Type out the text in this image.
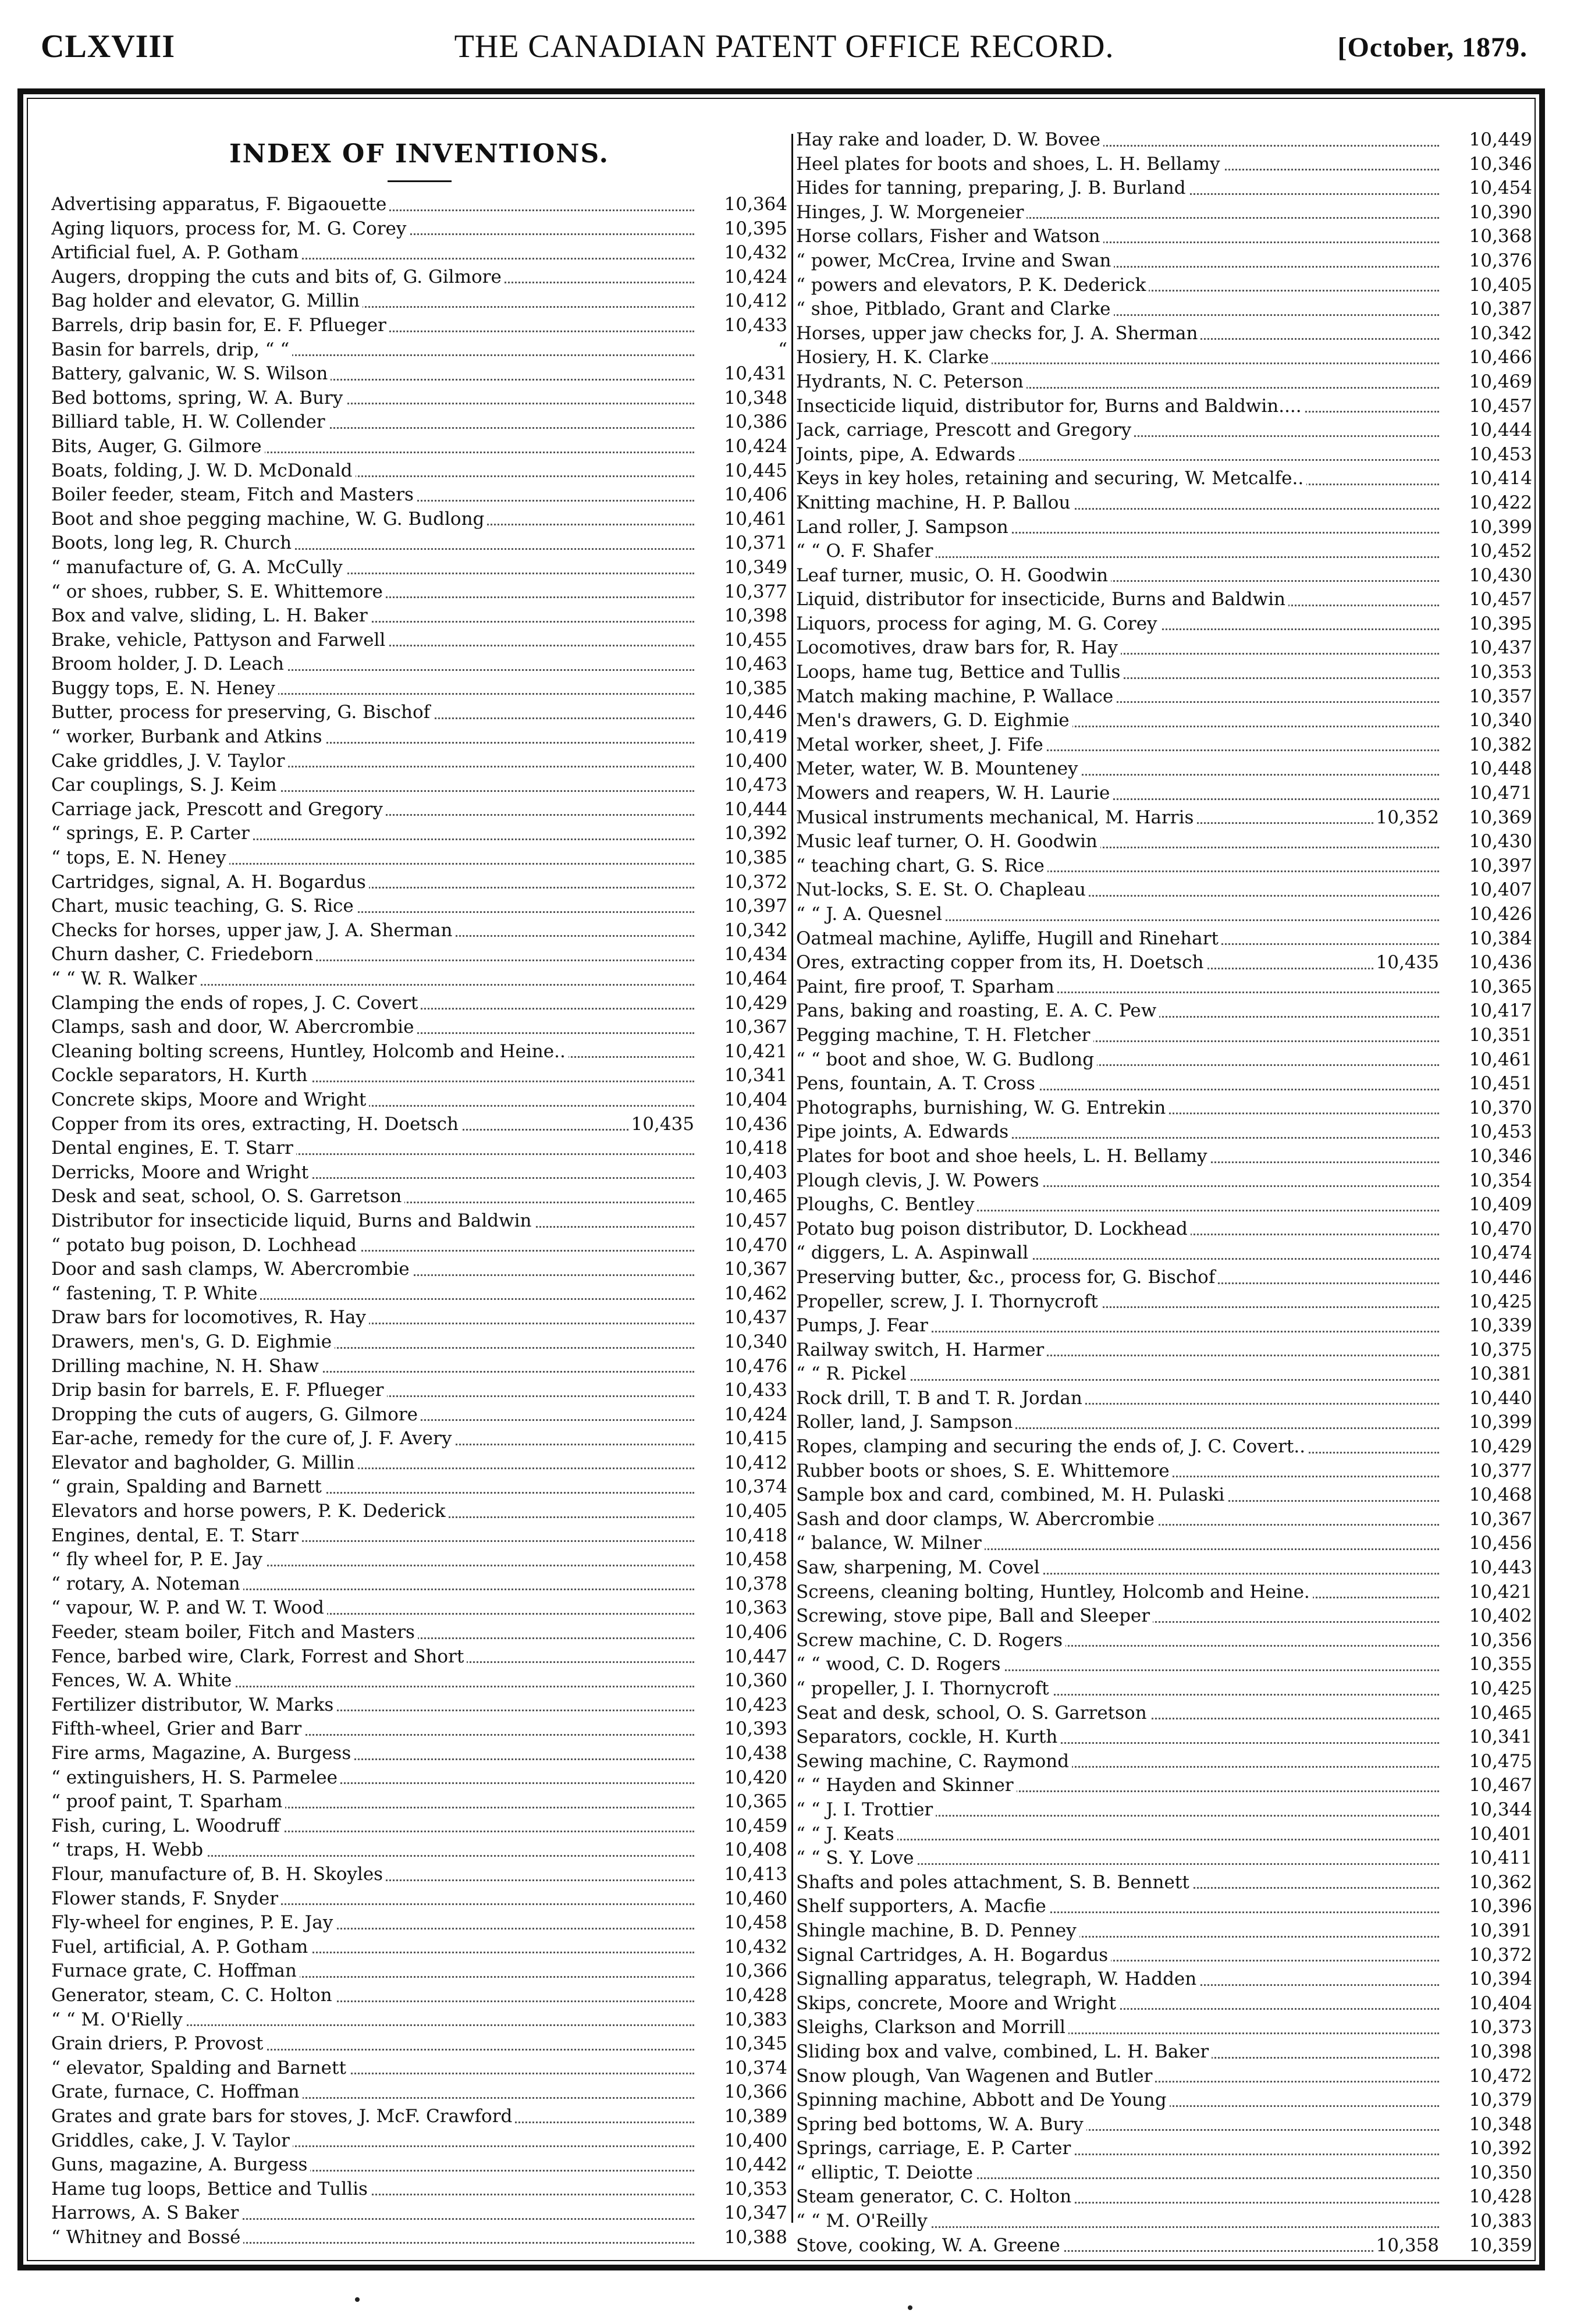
CLXVIII	THE CANADIAN PATENT OFFICE RECORD.	[October, 1879.
INDEX OF INVENTIONS.
Advertising apparatus, F. Bigaouette	10,364
Aging liquors, process for, M. G. Corey	10,395
Artificial fuel, A. P. Gotham	10,432
Augers, dropping the cuts and bits of, G. Gilmore	10,424
Bag holder and elevator, G. Millin	10,412
Barrels, drip basin for, E. F. Pflueger	10,433
Basin for barrels, drip, “ “	“
Battery, galvanic, W. S. Wilson	10,431
Bed bottoms, spring, W. A. Bury	10,348
Billiard table, H. W. Collender	10,386
Bits, Auger, G. Gilmore	10,424
Boats, folding, J. W. D. McDonald	10,445
Boiler feeder, steam, Fitch and Masters	10,406
Boot and shoe pegging machine, W. G. Budlong	10,461
Boots, long leg, R. Church	10,371
“ manufacture of, G. A. McCully	10,349
“ or shoes, rubber, S. E. Whittemore	10,377
Box and valve, sliding, L. H. Baker	10,398
Brake, vehicle, Pattyson and Farwell	10,455
Broom holder, J. D. Leach	10,463
Buggy tops, E. N. Heney	10,385
Butter, process for preserving, G. Bischof	10,446
“ worker, Burbank and Atkins	10,419
Cake griddles, J. V. Taylor	10,400
Car couplings, S. J. Keim	10,473
Carriage jack, Prescott and Gregory	10,444
“ springs, E. P. Carter	10,392
“ tops, E. N. Heney	10,385
Cartridges, signal, A. H. Bogardus	10,372
Chart, music teaching, G. S. Rice	10,397
Checks for horses, upper jaw, J. A. Sherman	10,342
Churn dasher, C. Friedeborn	10,434
“ “ W. R. Walker	10,464
Clamping the ends of ropes, J. C. Covert	10,429
Clamps, sash and door, W. Abercrombie	10,367
Cleaning bolting screens, Huntley, Holcomb and Heine..	10,421
Cockle separators, H. Kurth	10,341
Concrete skips, Moore and Wright	10,404
Copper from its ores, extracting, H. Doetsch	10,435	10,436
Dental engines, E. T. Starr	10,418
Derricks, Moore and Wright	10,403
Desk and seat, school, O. S. Garretson	10,465
Distributor for insecticide liquid, Burns and Baldwin	10,457
“ potato bug poison, D. Lochhead	10,470
Door and sash clamps, W. Abercrombie	10,367
“ fastening, T. P. White	10,462
Draw bars for locomotives, R. Hay	10,437
Drawers, men's, G. D. Eighmie	10,340
Drilling machine, N. H. Shaw	10,476
Drip basin for barrels, E. F. Pflueger	10,433
Dropping the cuts of augers, G. Gilmore	10,424
Ear-ache, remedy for the cure of, J. F. Avery	10,415
Elevator and bagholder, G. Millin	10,412
“ grain, Spalding and Barnett	10,374
Elevators and horse powers, P. K. Dederick	10,405
Engines, dental, E. T. Starr	10,418
“ fly wheel for, P. E. Jay	10,458
“ rotary, A. Noteman	10,378
“ vapour, W. P. and W. T. Wood	10,363
Feeder, steam boiler, Fitch and Masters	10,406
Fence, barbed wire, Clark, Forrest and Short	10,447
Fences, W. A. White	10,360
Fertilizer distributor, W. Marks	10,423
Fifth-wheel, Grier and Barr	10,393
Fire arms, Magazine, A. Burgess	10,438
“ extinguishers, H. S. Parmelee	10,420
“ proof paint, T. Sparham	10,365
Fish, curing, L. Woodruff	10,459
“ traps, H. Webb	10,408
Flour, manufacture of, B. H. Skoyles	10,413
Flower stands, F. Snyder	10,460
Fly-wheel for engines, P. E. Jay	10,458
Fuel, artificial, A. P. Gotham	10,432
Furnace grate, C. Hoffman	10,366
Generator, steam, C. C. Holton	10,428
“ “ M. O'Rielly	10,383
Grain driers, P. Provost	10,345
“ elevator, Spalding and Barnett	10,374
Grate, furnace, C. Hoffman	10,366
Grates and grate bars for stoves, J. McF. Crawford	10,389
Griddles, cake, J. V. Taylor	10,400
Guns, magazine, A. Burgess	10,442
Hame tug loops, Bettice and Tullis	10,353
Harrows, A. S Baker	10,347
“ Whitney and Bossé	10,388
Hay rake and loader, D. W. Bovee	10,449
Heel plates for boots and shoes, L. H. Bellamy	10,346
Hides for tanning, preparing, J. B. Burland	10,454
Hinges, J. W. Morgeneier	10,390
Horse collars, Fisher and Watson	10,368
“ power, McCrea, Irvine and Swan	10,376
“ powers and elevators, P. K. Dederick	10,405
“ shoe, Pitblado, Grant and Clarke	10,387
Horses, upper jaw checks for, J. A. Sherman	10,342
Hosiery, H. K. Clarke	10,466
Hydrants, N. C. Peterson	10,469
Insecticide liquid, distributor for, Burns and Baldwin....	10,457
Jack, carriage, Prescott and Gregory	10,444
Joints, pipe, A. Edwards	10,453
Keys in key holes, retaining and securing, W. Metcalfe..	10,414
Knitting machine, H. P. Ballou	10,422
Land roller, J. Sampson	10,399
“ “ O. F. Shafer	10,452
Leaf turner, music, O. H. Goodwin	10,430
Liquid, distributor for insecticide, Burns and Baldwin	10,457
Liquors, process for aging, M. G. Corey	10,395
Locomotives, draw bars for, R. Hay	10,437
Loops, hame tug, Bettice and Tullis	10,353
Match making machine, P. Wallace	10,357
Men's drawers, G. D. Eighmie	10,340
Metal worker, sheet, J. Fife	10,382
Meter, water, W. B. Mounteney	10,448
Mowers and reapers, W. H. Laurie	10,471
Musical instruments mechanical, M. Harris	10,352	10,369
Music leaf turner, O. H. Goodwin	10,430
“ teaching chart, G. S. Rice	10,397
Nut-locks, S. E. St. O. Chapleau	10,407
“ “ J. A. Quesnel	10,426
Oatmeal machine, Ayliffe, Hugill and Rinehart	10,384
Ores, extracting copper from its, H. Doetsch	10,435	10,436
Paint, fire proof, T. Sparham	10,365
Pans, baking and roasting, E. A. C. Pew	10,417
Pegging machine, T. H. Fletcher	10,351
“ “ boot and shoe, W. G. Budlong	10,461
Pens, fountain, A. T. Cross	10,451
Photographs, burnishing, W. G. Entrekin	10,370
Pipe joints, A. Edwards	10,453
Plates for boot and shoe heels, L. H. Bellamy	10,346
Plough clevis, J. W. Powers	10,354
Ploughs, C. Bentley	10,409
Potato bug poison distributor, D. Lockhead	10,470
“ diggers, L. A. Aspinwall	10,474
Preserving butter, &c., process for, G. Bischof	10,446
Propeller, screw, J. I. Thornycroft	10,425
Pumps, J. Fear	10,339
Railway switch, H. Harmer	10,375
“ “ R. Pickel	10,381
Rock drill, T. B and T. R. Jordan	10,440
Roller, land, J. Sampson	10,399
Ropes, clamping and securing the ends of, J. C. Covert..	10,429
Rubber boots or shoes, S. E. Whittemore	10,377
Sample box and card, combined, M. H. Pulaski	10,468
Sash and door clamps, W. Abercrombie	10,367
“ balance, W. Milner	10,456
Saw, sharpening, M. Covel	10,443
Screens, cleaning bolting, Huntley, Holcomb and Heine.	10,421
Screwing, stove pipe, Ball and Sleeper	10,402
Screw machine, C. D. Rogers	10,356
“ “ wood, C. D. Rogers	10,355
“ propeller, J. I. Thornycroft	10,425
Seat and desk, school, O. S. Garretson	10,465
Separators, cockle, H. Kurth	10,341
Sewing machine, C. Raymond	10,475
“ “ Hayden and Skinner	10,467
“ “ J. I. Trottier	10,344
“ “ J. Keats	10,401
“ “ S. Y. Love	10,411
Shafts and poles attachment, S. B. Bennett	10,362
Shelf supporters, A. Macfie	10,396
Shingle machine, B. D. Penney	10,391
Signal Cartridges, A. H. Bogardus	10,372
Signalling apparatus, telegraph, W. Hadden	10,394
Skips, concrete, Moore and Wright	10,404
Sleighs, Clarkson and Morrill	10,373
Sliding box and valve, combined, L. H. Baker	10,398
Snow plough, Van Wagenen and Butler	10,472
Spinning machine, Abbott and De Young	10,379
Spring bed bottoms, W. A. Bury	10,348
Springs, carriage, E. P. Carter	10,392
“ elliptic, T. Deiotte	10,350
Steam generator, C. C. Holton	10,428
“ “ M. O'Reilly	10,383
Stove, cooking, W. A. Greene	10,358	10,359
